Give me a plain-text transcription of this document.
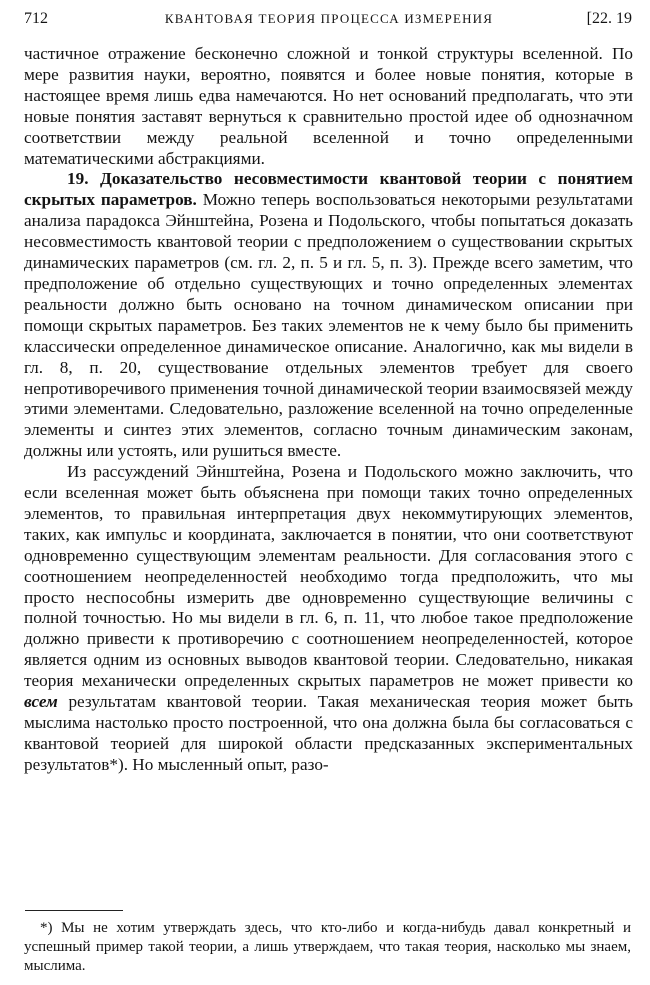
712	КВАНТОВАЯ ТЕОРИЯ ПРОЦЕССА ИЗМЕРЕНИЯ	[22. 19

частичное отражение бесконечно сложной и тонкой структуры вселенной. По мере развития науки, вероятно, появятся и более новые понятия, которые в настоящее время лишь едва намечаются. Но нет оснований предполагать, что эти новые понятия заставят вернуться к сравнительно простой идее об однозначном соответствии между реальной вселенной и точно определенными математическими абстракциями.

19. Доказательство несовместимости квантовой теории с понятием скрытых параметров. Можно теперь воспользоваться некоторыми результатами анализа парадокса Эйнштейна, Розена и Подольского, чтобы попытаться доказать несовместимость квантовой теории с предположением о существовании скрытых динамических параметров (см. гл. 2, п. 5 и гл. 5, п. 3). Прежде всего заметим, что предположение об отдельно существующих и точно определенных элементах реальности должно быть основано на точном динамическом описании при помощи скрытых параметров. Без таких элементов не к чему было бы применить классически определенное динамическое описание. Аналогично, как мы видели в гл. 8, п. 20, существование отдельных элементов требует для своего непротиворечивого применения точной динамической теории взаимосвязей между этими элементами. Следовательно, разложение вселенной на точно определенные элементы и синтез этих элементов, согласно точным динамическим законам, должны или устоять, или рушиться вместе.

Из рассуждений Эйнштейна, Розена и Подольского можно заключить, что если вселенная может быть объяснена при помощи таких точно определенных элементов, то правильная интерпретация двух некоммутирующих элементов, таких, как импульс и координата, заключается в понятии, что они соответствуют одновременно существующим элементам реальности. Для согласования этого с соотношением неопределенностей необходимо тогда предположить, что мы просто неспособны измерить две одновременно существующие величины с полной точностью. Но мы видели в гл. 6, п. 11, что любое такое предположение должно привести к противоречию с соотношением неопределенностей, которое является одним из основных выводов квантовой теории. Следовательно, никакая теория механически определенных скрытых параметров не может привести ко всем результатам квантовой теории. Такая механическая теория может быть мыслима настолько просто построенной, что она должна была бы согласоваться с квантовой теорией для широкой области предсказанных экспериментальных результатов*). Но мысленный опыт, разо-

*) Мы не хотим утверждать здесь, что кто-либо и когда-нибудь давал конкретный и успешный пример такой теории, а лишь утверждаем, что такая теория, насколько мы знаем, мыслима.
